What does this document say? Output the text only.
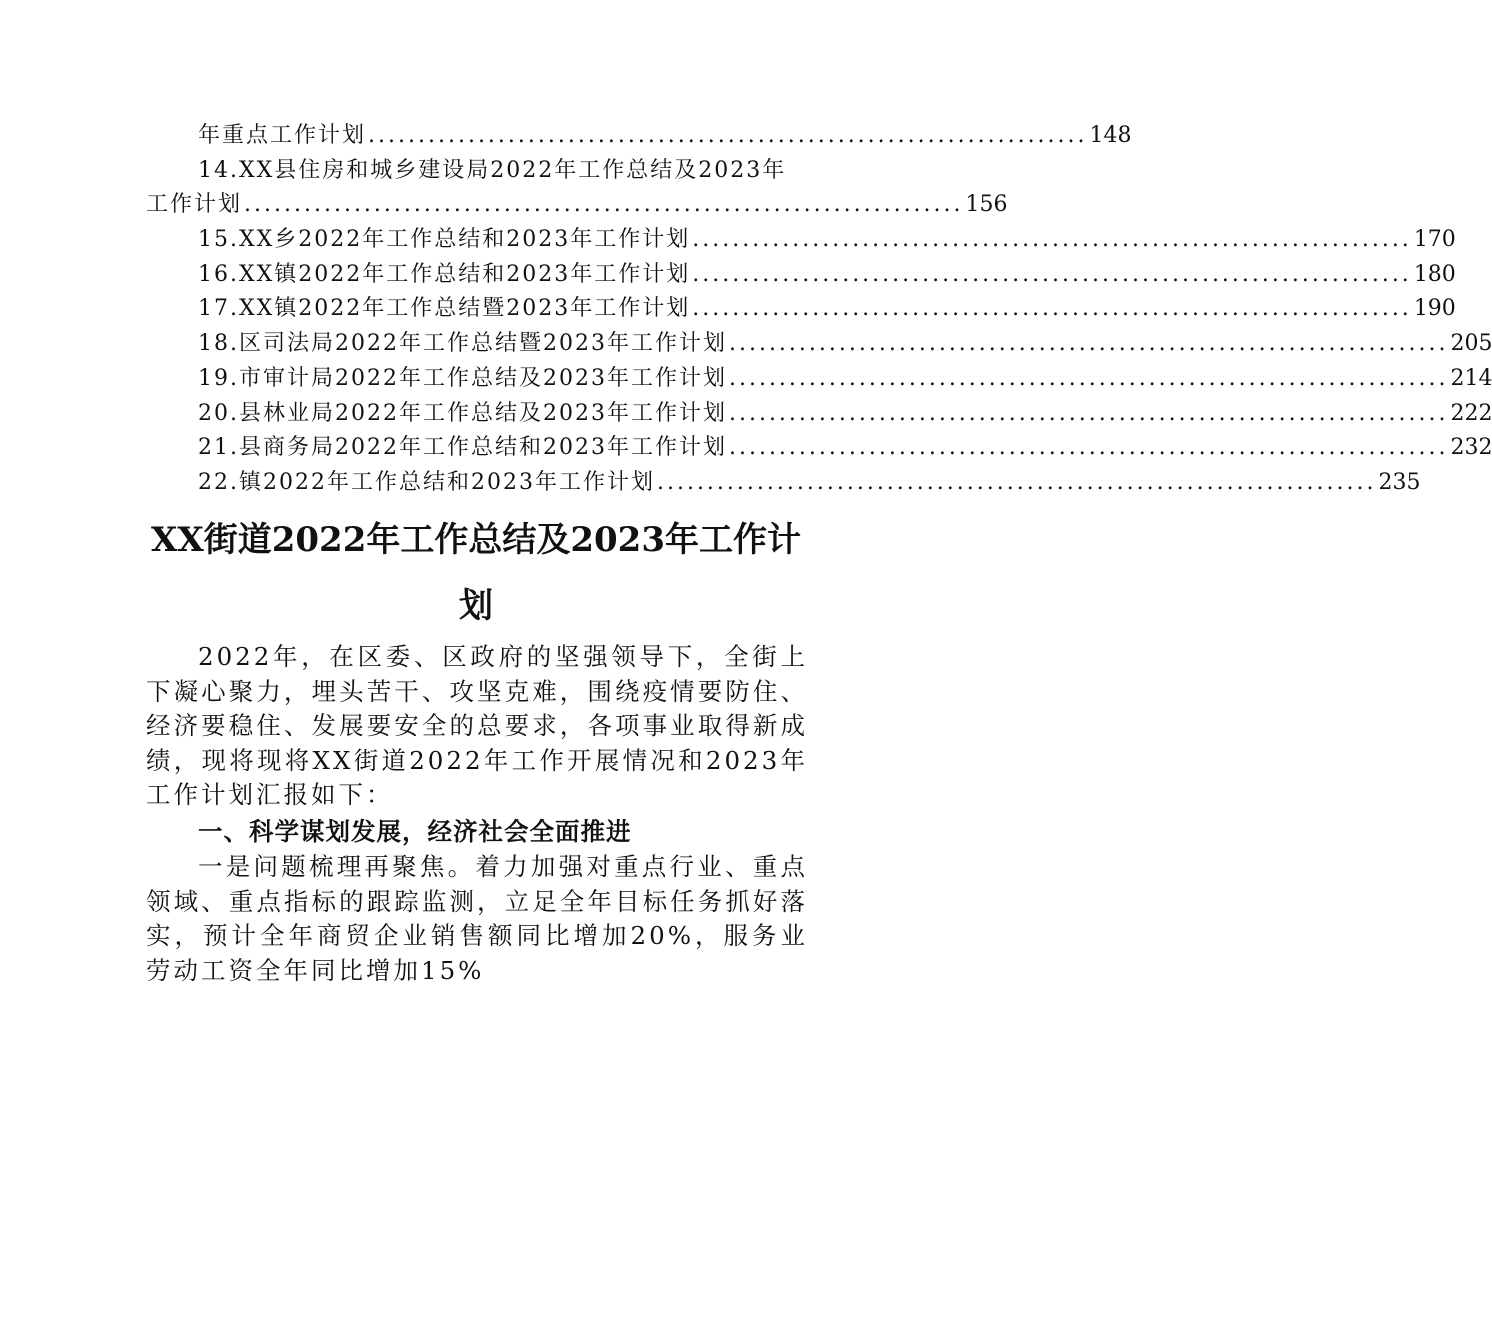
年重点工作计划 ........................................................................ 148
14.XX县住房和城乡建设局2022年工作总结及2023年
工作计划 ........................................................................ 156
15.XX乡2022年工作总结和2023年工作计划 ........................................................................ 170
16.XX镇2022年工作总结和2023年工作计划 ........................................................................ 180
17.XX镇2022年工作总结暨2023年工作计划 ........................................................................ 190
18.区司法局2022年工作总结暨2023年工作计划 ........................................................................ 205
19.市审计局2022年工作总结及2023年工作计划 ........................................................................ 214
20.县林业局2022年工作总结及2023年工作计划 ........................................................................ 222
21.县商务局2022年工作总结和2023年工作计划 ........................................................................ 232
22.镇2022年工作总结和2023年工作计划 ........................................................................ 235
XX街道2022年工作总结及2023年工作计
划
2022年，在区委、区政府的坚强领导下，全街上下凝心聚力，埋头苦干、攻坚克难，围绕疫情要防住、经济要稳住、发展要安全的总要求，各项事业取得新成绩，现将现将XX街道2022年工作开展情况和2023年工作计划汇报如下：
一、科学谋划发展，经济社会全面推进
一是问题梳理再聚焦。着力加强对重点行业、重点领域、重点指标的跟踪监测，立足全年目标任务抓好落实，预计全年商贸企业销售额同比增加20%，服务业劳动工资全年同比增加15%
